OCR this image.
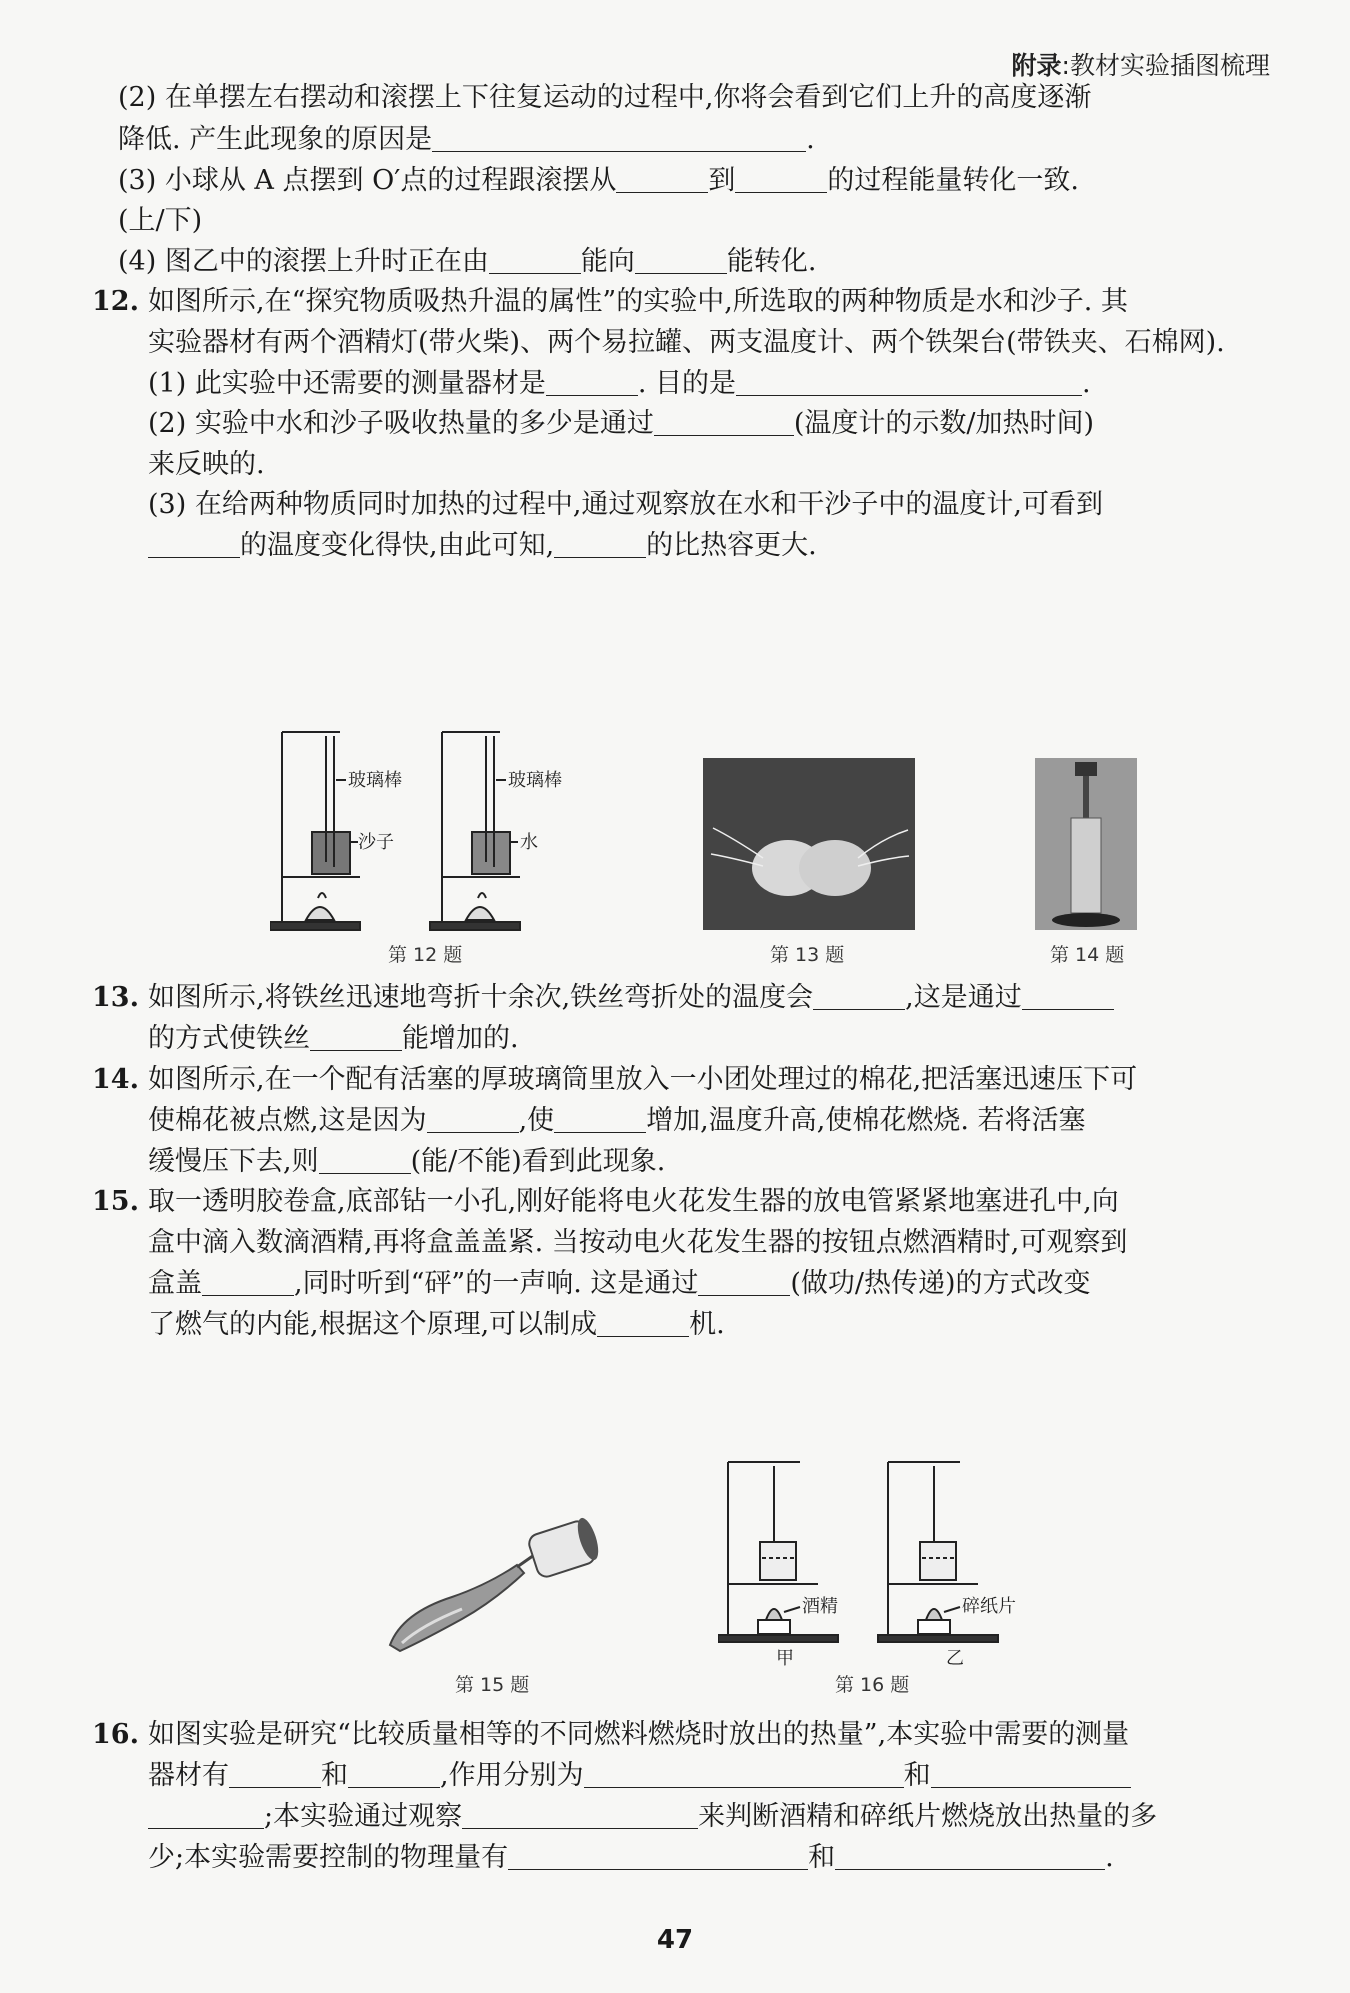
附录:教材实验插图梳理
(2) 在单摆左右摆动和滚摆上下往复运动的过程中,你将会看到它们上升的高度逐渐
降低. 产生此现象的原因是	.
(3) 小球从 A 点摆到 O′点的过程跟滚摆从	到	的过程能量转化一致.
(上/下)
(4) 图乙中的滚摆上升时正在由	能向	能转化.
12. 如图所示,在“探究物质吸热升温的属性”的实验中,所选取的两种物质是水和沙子. 其
实验器材有两个酒精灯(带火柴)、两个易拉罐、两支温度计、两个铁架台(带铁夹、石棉网).
(1) 此实验中还需要的测量器材是	. 目的是	.
(2) 实验中水和沙子吸收热量的多少是通过	(温度计的示数/加热时间)
来反映的.
(3) 在给两种物质同时加热的过程中,通过观察放在水和干沙子中的温度计,可看到
的温度变化得快,由此可知,	的比热容更大.
玻璃棒
沙子
玻璃棒
水
第 12 题	第 13 题	第 14 题
13. 如图所示,将铁丝迅速地弯折十余次,铁丝弯折处的温度会	,这是通过
的方式使铁丝	能增加的.
14. 如图所示,在一个配有活塞的厚玻璃筒里放入一小团处理过的棉花,把活塞迅速压下可
使棉花被点燃,这是因为	,使	增加,温度升高,使棉花燃烧. 若将活塞
缓慢压下去,则	(能/不能)看到此现象.
15. 取一透明胶卷盒,底部钻一小孔,刚好能将电火花发生器的放电管紧紧地塞进孔中,向
盒中滴入数滴酒精,再将盒盖盖紧. 当按动电火花发生器的按钮点燃酒精时,可观察到
盒盖	,同时听到“砰”的一声响. 这是通过	(做功/热传递)的方式改变
了燃气的内能,根据这个原理,可以制成	机.
第 15 题
酒精	碎纸片
甲	乙
第 16 题
16. 如图实验是研究“比较质量相等的不同燃料燃烧时放出的热量”,本实验中需要的测量
器材有	和	,作用分别为	和
;本实验通过观察	来判断酒精和碎纸片燃烧放出热量的多
少;本实验需要控制的物理量有	和	.
47
